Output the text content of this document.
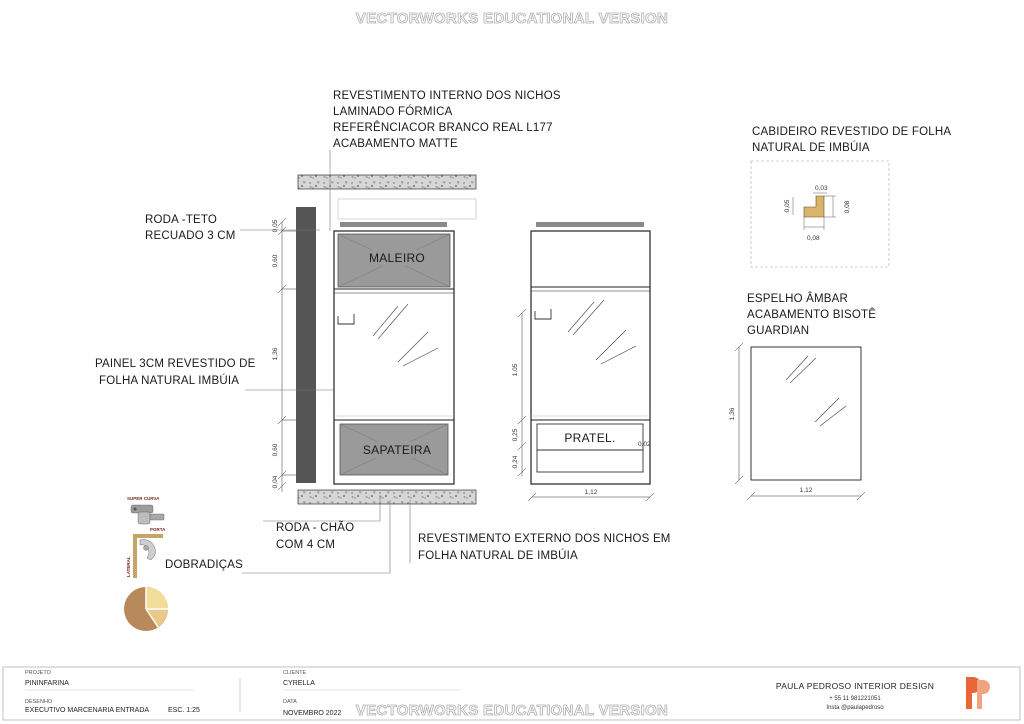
VECTORWORKS EDUCATIONAL VERSION
MALEIRO
SAPATEIRA
0,05
0,60
1,36
0,60
0,04
REVESTIMENTO INTERNO DOS NICHOS
LAMINADO FÓRMICA
REFERÊNCIACOR BRANCO REAL L177
ACABAMENTO MATTE
RODA -TETO
RECUADO 3 CM
PAINEL 3CM REVESTIDO DE
FOLHA NATURAL IMBÚIA
RODA - CHÃO
COM 4 CM	REVESTIMENTO EXTERNO DOS NICHOS EM
FOLHA NATURAL DE IMBÚIA
DOBRADIÇAS
PRATEL.	0,02
1,05
0,25
0,24
1,12
CABIDEIRO REVESTIDO DE FOLHA
NATURAL DE IMBÚIA
0,03
0,05	0,08
0,08
ESPELHO ÂMBAR
ACABAMENTO BISOTÊ
GUARDIAN
1,36
1,12
SUPER CURVA
PORTA
LATERAL
PROJETO
PININFARINA
DESENHO
EXECUTIVO MARCENARIA ENTRADA	ESC. 1:25
CLIENTE
CYRELLA
DATA
NOVEMBRO 2022 VECTORWORKS EDUCATIONAL VERSION
PAULA PEDROSO INTERIOR DESIGN
+ 55 11 981221051
Insta @paulapedroso
